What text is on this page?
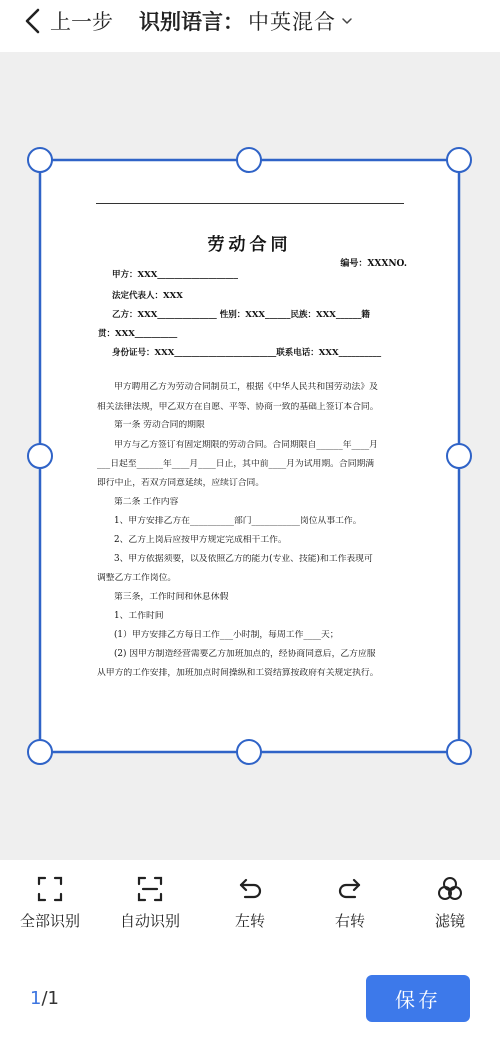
上一步 识别语言： 中英混合
劳动合同
编号：XXXNO.
甲方：XXX___________________
法定代表人：XXX
乙方：XXX______________ 性别：XXX______民族：XXX______籍
贯：XXX__________
身份证号：XXX________________________联系电话：XXX__________
甲方聘用乙方为劳动合同制员工，根据《中华人民共和国劳动法》及
相关法律法规，甲乙双方在自愿、平等、协商一致的基础上签订本合同。
第一条 劳动合同的期限
甲方与乙方签订有固定期限的劳动合同。合同期限自______年____月
___日起至______年____月____日止，其中前____月为试用期。合同期满
即行中止，若双方同意延续，应续订合同。
第二条 工作内容
1、甲方安排乙方在__________部门___________岗位从事工作。
2、乙方上岗后应按甲方规定完成相干工作。
3、甲方依据须要，以及依照乙方的能力(专业、技能)和工作表现可
调整乙方工作岗位。
第三条，工作时间和休息休假
1、工作时间
(1）甲方安排乙方每日工作___小时制，每周工作____天；
(2) 因甲方制造经营需要乙方加班加点的，经协商同意后，乙方应服
从甲方的工作安排，加班加点时间操纵和工资结算按政府有关规定执行。
全部识别	自动识别	左转	右转	滤镜
1/1	保存
